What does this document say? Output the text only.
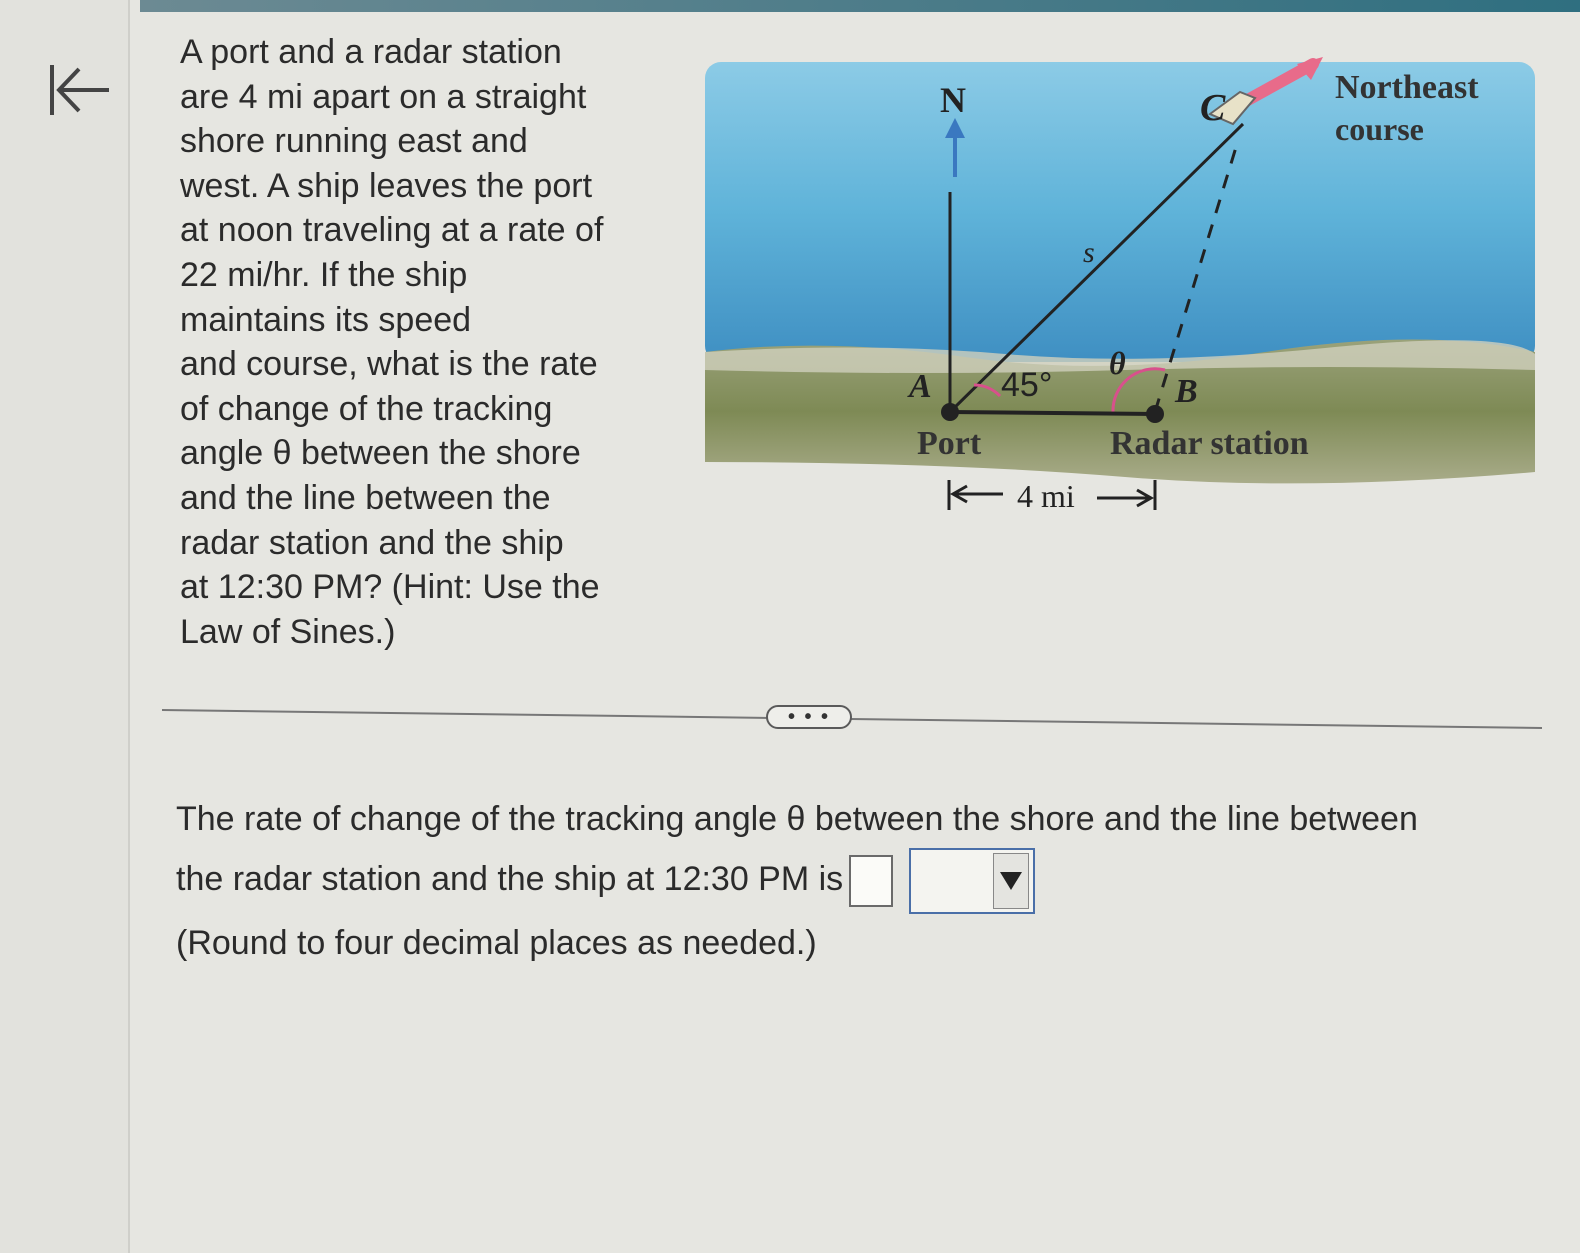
A port and a radar station

are 4 mi apart on a straight

shore running east and

west. A ship leaves the port

at noon traveling at a rate of

22 mi/hr. If the ship

maintains its speed

and course, what is the rate

of change of the tracking

angle θ between the shore

and the line between the

radar station and the ship

at 12:30 PM? (Hint: Use the

Law of Sines.)

N	C	Northeast
course
s
θ
45°
A	B
Port	Radar station
4 mi
• • •
The rate of change of the tracking angle θ between the shore and the line between
the radar station and the ship at 12:30 PM is
(Round to four decimal places as needed.)
